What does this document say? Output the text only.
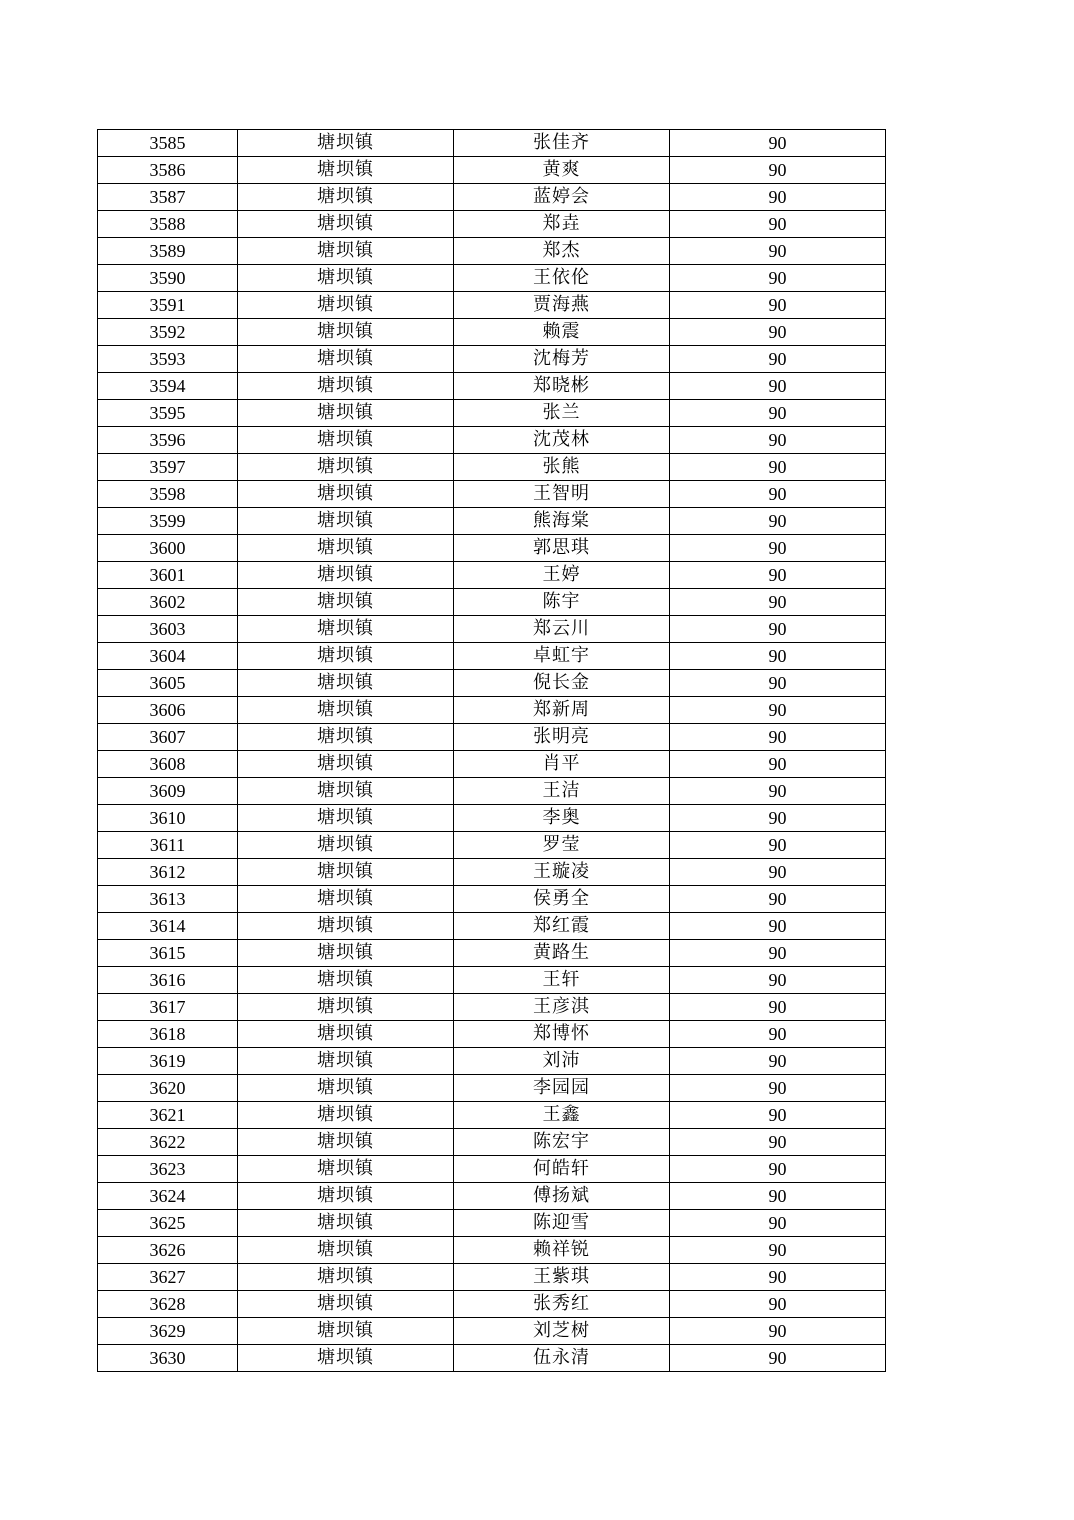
3585	塘坝镇	张佳齐	90
3586	塘坝镇	黄爽	90
3587	塘坝镇	蓝婷会	90
3588	塘坝镇	郑垚	90
3589	塘坝镇	郑杰	90
3590	塘坝镇	王依伦	90
3591	塘坝镇	贾海燕	90
3592	塘坝镇	赖震	90
3593	塘坝镇	沈梅芳	90
3594	塘坝镇	郑晓彬	90
3595	塘坝镇	张兰	90
3596	塘坝镇	沈茂林	90
3597	塘坝镇	张熊	90
3598	塘坝镇	王智明	90
3599	塘坝镇	熊海棠	90
3600	塘坝镇	郭思琪	90
3601	塘坝镇	王婷	90
3602	塘坝镇	陈宇	90
3603	塘坝镇	郑云川	90
3604	塘坝镇	卓虹宇	90
3605	塘坝镇	倪长金	90
3606	塘坝镇	郑新周	90
3607	塘坝镇	张明亮	90
3608	塘坝镇	肖平	90
3609	塘坝镇	王洁	90
3610	塘坝镇	李奥	90
3611	塘坝镇	罗莹	90
3612	塘坝镇	王璇凌	90
3613	塘坝镇	侯勇全	90
3614	塘坝镇	郑红霞	90
3615	塘坝镇	黄路生	90
3616	塘坝镇	王轩	90
3617	塘坝镇	王彦淇	90
3618	塘坝镇	郑博怀	90
3619	塘坝镇	刘沛	90
3620	塘坝镇	李园园	90
3621	塘坝镇	王鑫	90
3622	塘坝镇	陈宏宇	90
3623	塘坝镇	何皓轩	90
3624	塘坝镇	傅扬斌	90
3625	塘坝镇	陈迎雪	90
3626	塘坝镇	赖祥锐	90
3627	塘坝镇	王紫琪	90
3628	塘坝镇	张秀红	90
3629	塘坝镇	刘芝树	90
3630	塘坝镇	伍永清	90
